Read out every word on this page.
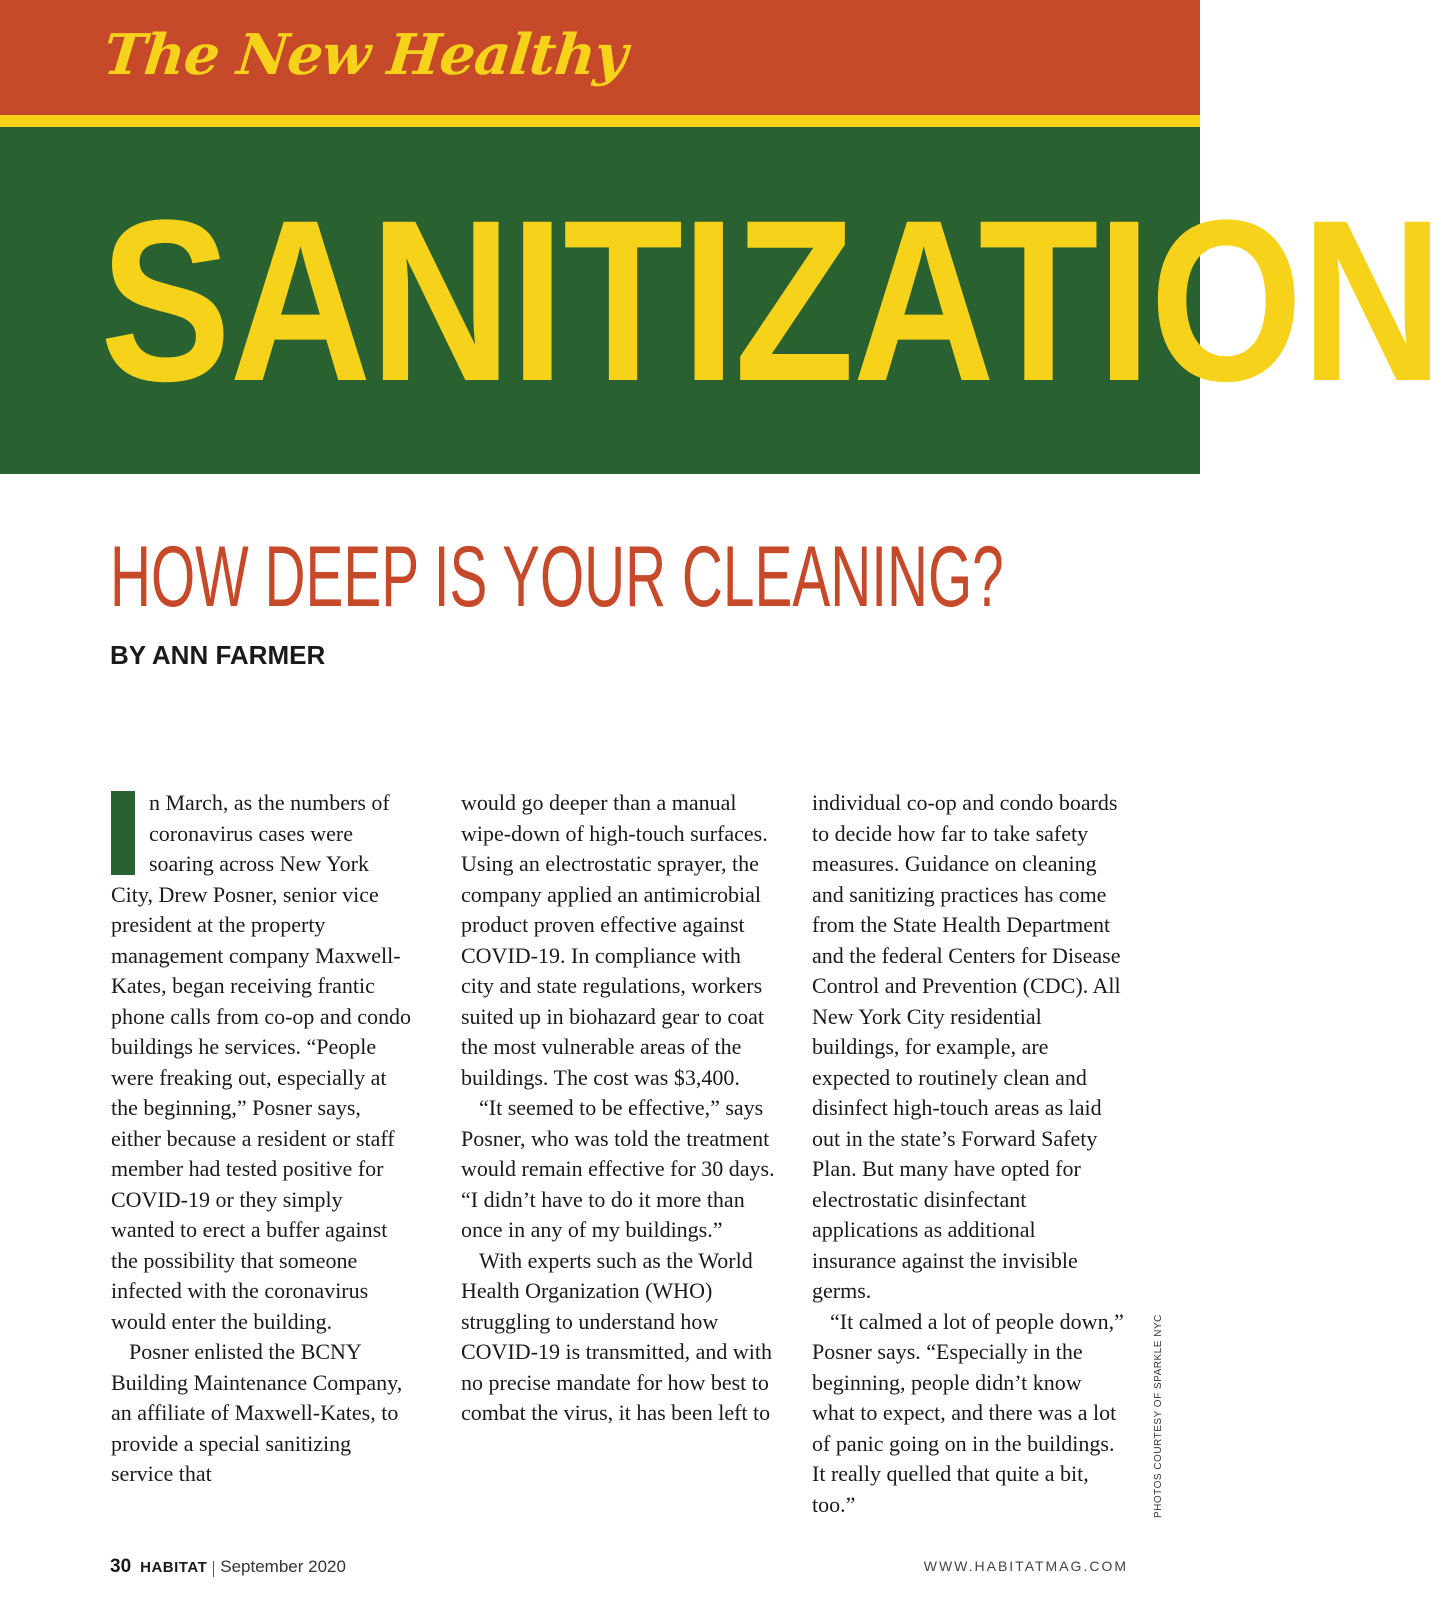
The New Healthy
SANITIZATION
HOW DEEP IS YOUR CLEANING?
BY ANN FARMER
I n March, as the numbers of coronavirus cases were soaring across New York City, Drew Posner, senior vice president at the property management company Maxwell-Kates, began receiving frantic phone calls from co-op and condo buildings he services. “People were freaking out, especially at the beginning,” Posner says, either because a resident or staff member had tested positive for COVID-19 or they simply wanted to erect a buffer against the possibility that someone infected with the coronavirus would enter the building.

Posner enlisted the BCNY Building Maintenance Company, an affiliate of Maxwell-Kates, to provide a special sanitizing service that

would go deeper than a manual wipe-down of high-touch surfaces. Using an electrostatic sprayer, the company applied an antimicrobial product proven effective against COVID-19. In compliance with city and state regulations, workers suited up in biohazard gear to coat the most vulnerable areas of the buildings. The cost was $3,400.

“It seemed to be effective,” says Posner, who was told the treatment would remain effective for 30 days. “I didn’t have to do it more than once in any of my buildings.”

With experts such as the World Health Organization (WHO) struggling to understand how COVID-19 is transmitted, and with no precise mandate for how best to combat the virus, it has been left to

individual co-op and condo boards to decide how far to take safety measures. Guidance on cleaning and sanitizing practices has come from the State Health Department and the federal Centers for Disease Control and Prevention (CDC). All New York City residential buildings, for example, are expected to routinely clean and disinfect high-touch areas as laid out in the state’s Forward Safety Plan. But many have opted for electrostatic disinfectant applications as additional insurance against the invisible germs.

“It calmed a lot of people down,” Posner says. “Especially in the beginning, people didn’t know what to expect, and there was a lot of panic going on in the buildings. It really quelled that quite a bit, too.”	PHOTOS COURTESY OF SPARKLE NYC
30 HABITAT September 2020	WWW.HABITATMAG.COM
